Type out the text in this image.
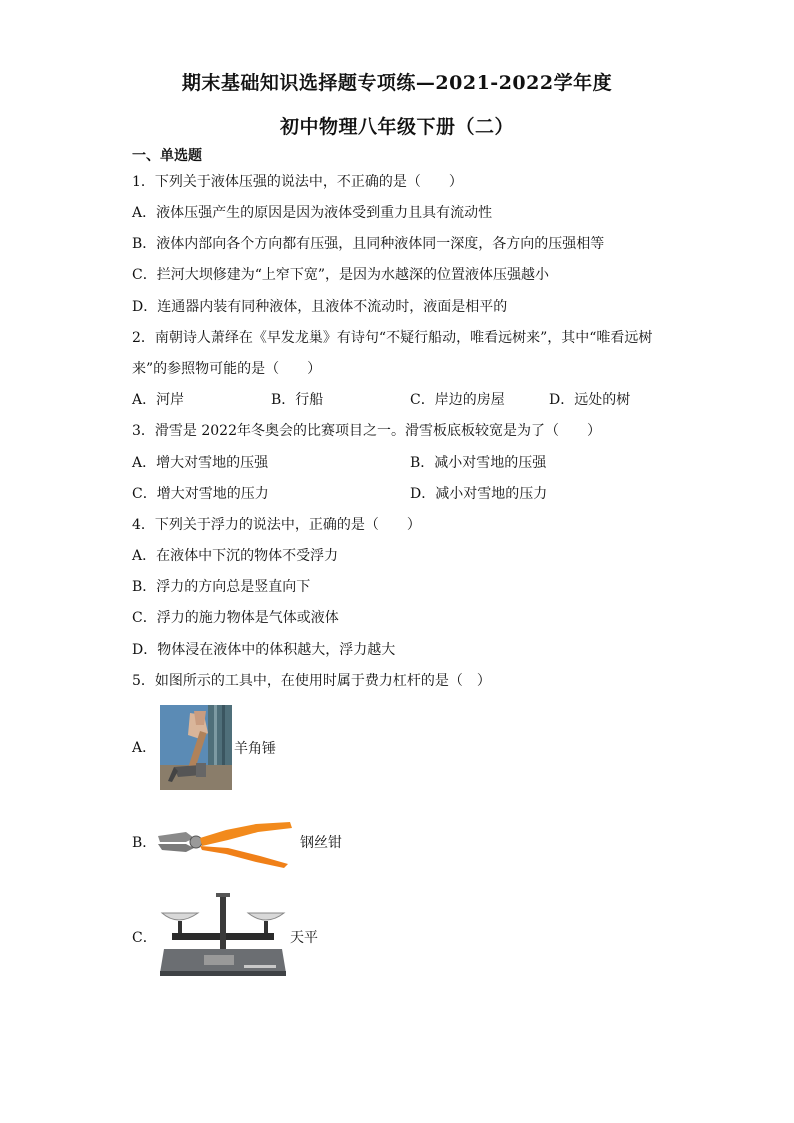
期末基础知识选择题专项练—2021-2022学年度
初中物理八年级下册（二）
一、单选题
1．下列关于液体压强的说法中，不正确的是（　　）
A．液体压强产生的原因是因为液体受到重力且具有流动性
B．液体内部向各个方向都有压强，且同种液体同一深度，各方向的压强相等
C．拦河大坝修建为“上窄下宽”，是因为水越深的位置液体压强越小
D．连通器内装有同种液体，且液体不流动时，液面是相平的
2．南朝诗人萧绎在《早发龙巢》有诗句“不疑行船动，唯看远树来”，其中“唯看远树
来”的参照物可能的是（　　）
A．河岸	B．行船	C．岸边的房屋	D．远处的树
3．滑雪是 2022年冬奥会的比赛项目之一。滑雪板底板较宽是为了（　　）
A．增大对雪地的压强	B．减小对雪地的压强
C．增大对雪地的压力	D．减小对雪地的压力
4．下列关于浮力的说法中，正确的是（　　）
A．在液体中下沉的物体不受浮力
B．浮力的方向总是竖直向下
C．浮力的施力物体是气体或液体
D．物体浸在液体中的体积越大，浮力越大
5．如图所示的工具中，在使用时属于费力杠杆的是（　）
A．	羊角锤
B．	钢丝钳
C．	天平
